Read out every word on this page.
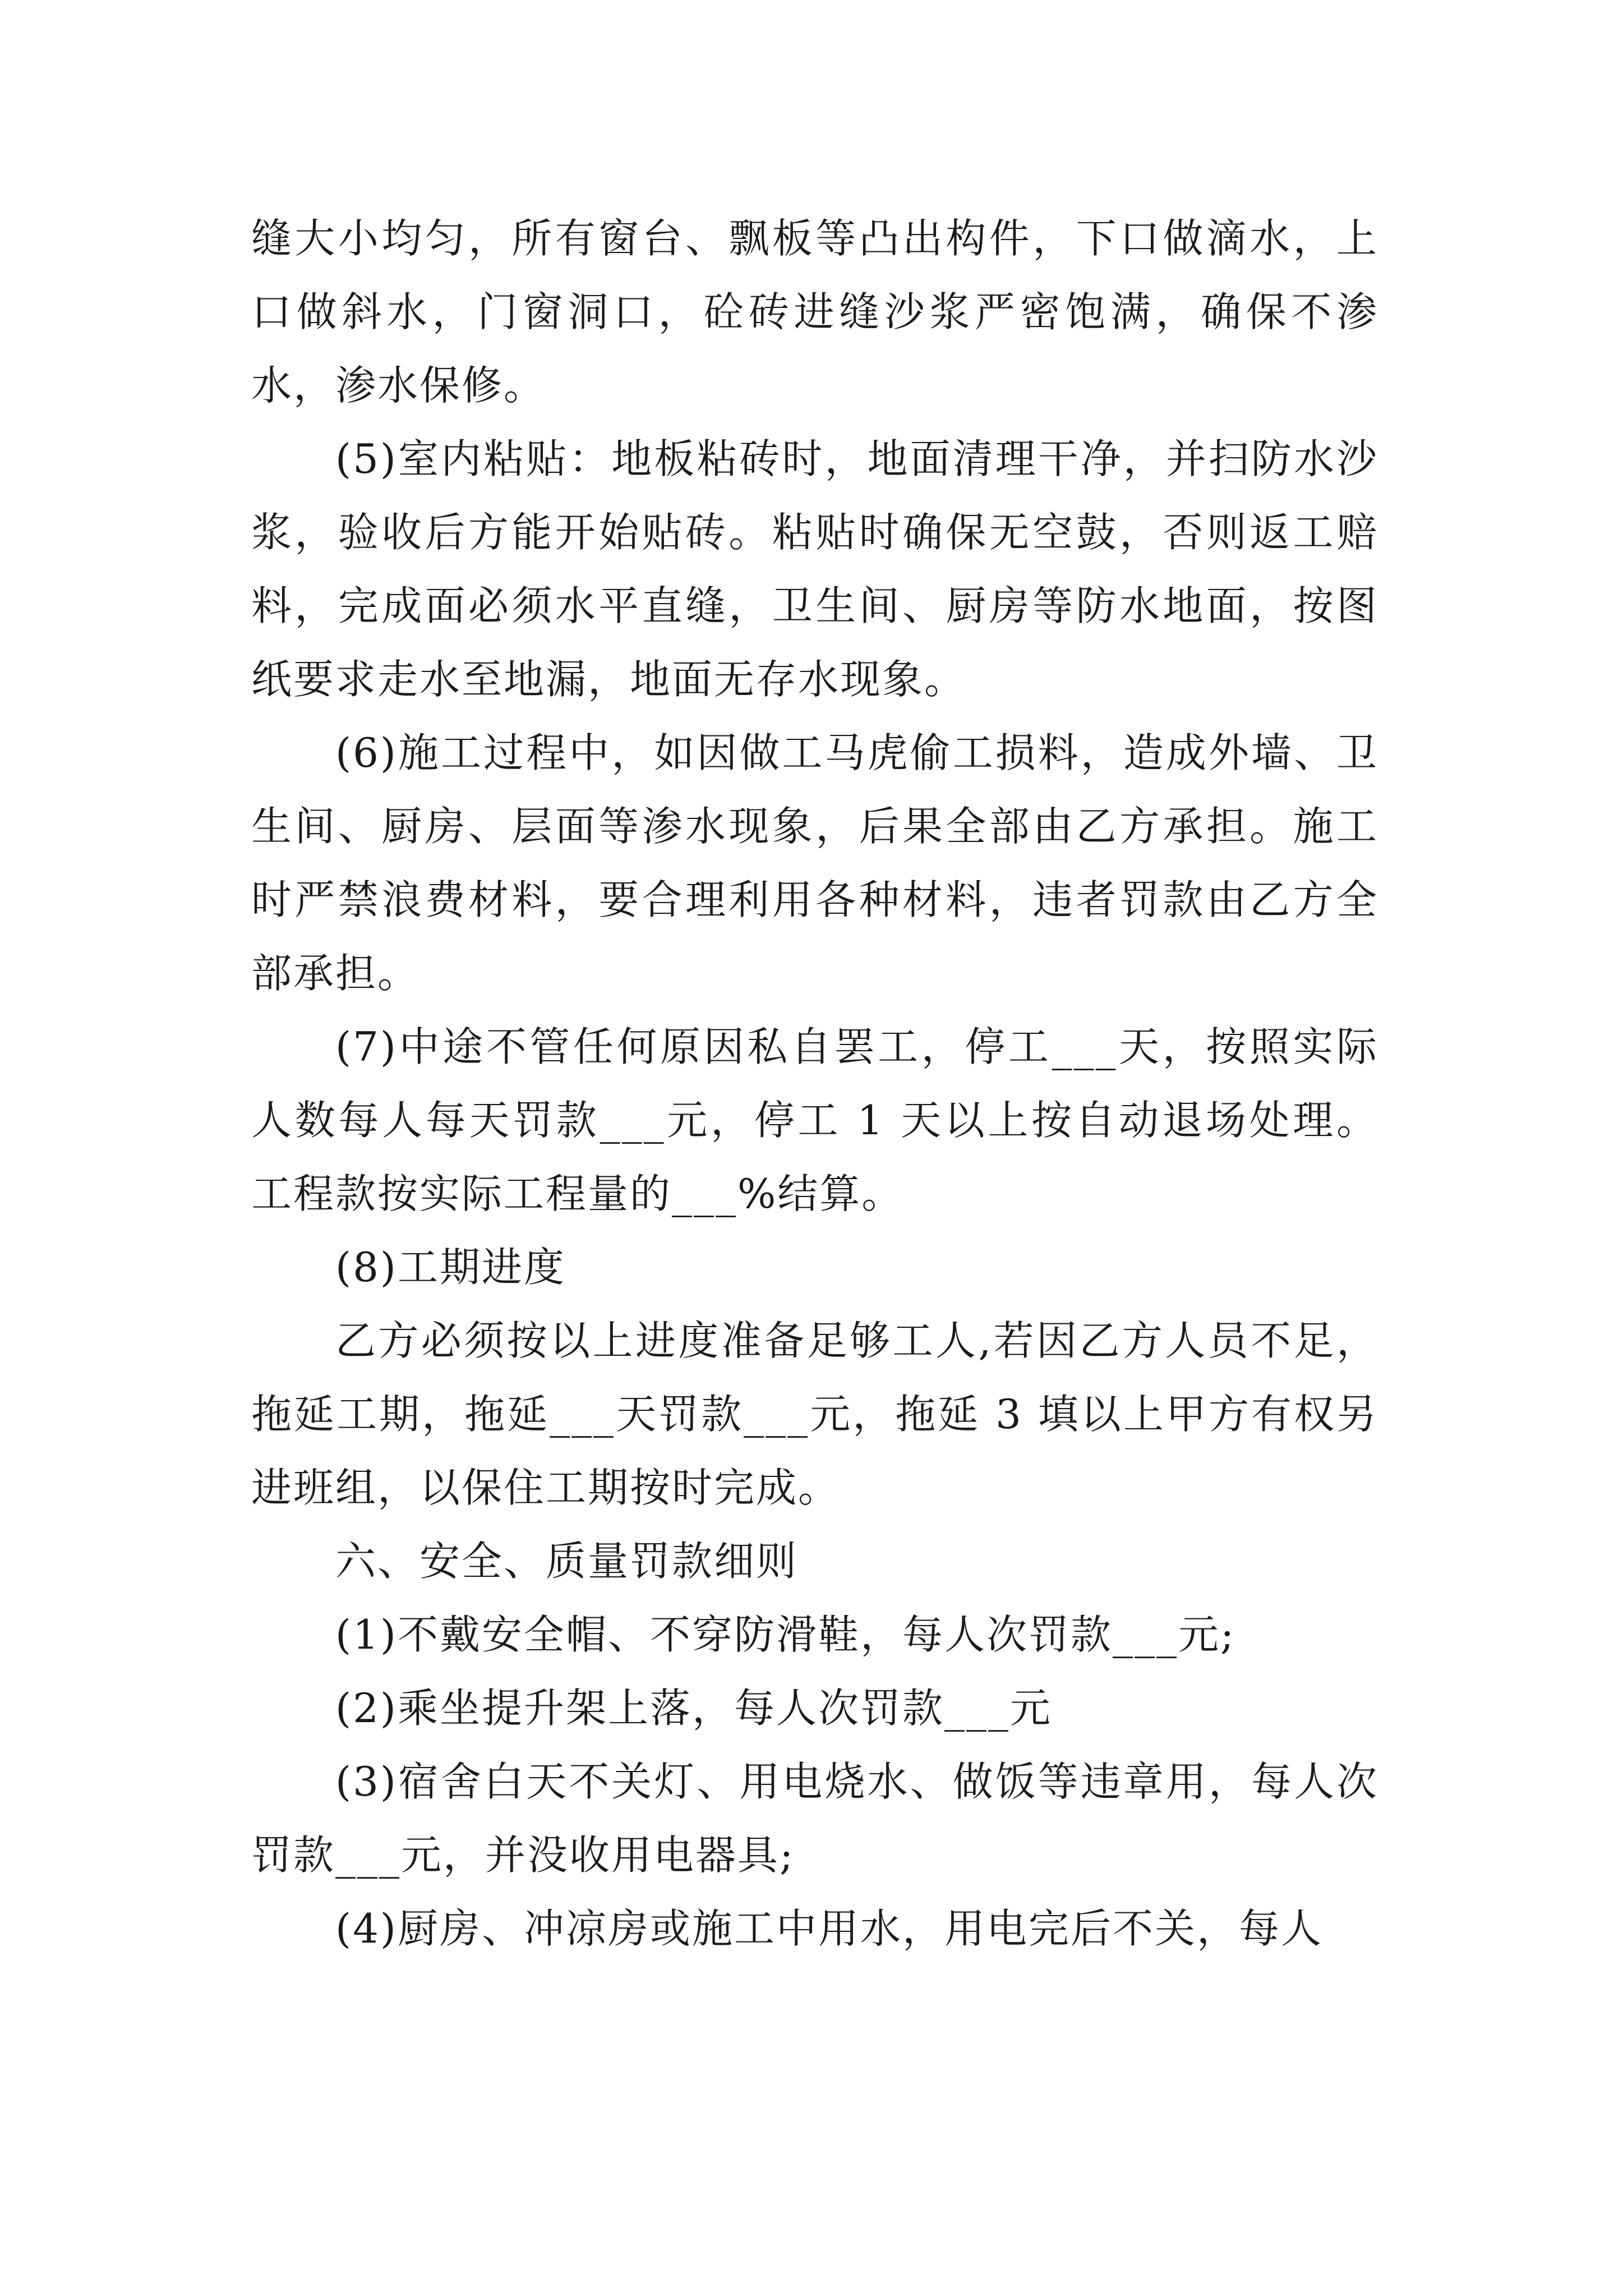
缝大小均匀，所有窗台、飘板等凸出构件，下口做滴水，上口做斜水，门窗洞口，砼砖进缝沙浆严密饱满，确保不渗水，渗水保修。

(5)室内粘贴：地板粘砖时，地面清理干净，并扫防水沙浆，验收后方能开始贴砖。粘贴时确保无空鼓，否则返工赔料，完成面必须水平直缝，卫生间、厨房等防水地面，按图纸要求走水至地漏，地面无存水现象。

(6)施工过程中，如因做工马虎偷工损料，造成外墙、卫生间、厨房、层面等渗水现象，后果全部由乙方承担。施工时严禁浪费材料，要合理利用各种材料，违者罚款由乙方全部承担。

(7)中途不管任何原因私自罢工，停工___天，按照实际人数每人每天罚款___元，停工 1 天以上按自动退场处理。工程款按实际工程量的___%结算。

(8)工期进度

乙方必须按以上进度准备足够工人,若因乙方人员不足，拖延工期，拖延___天罚款___元，拖延 3 填以上甲方有权另进班组，以保住工期按时完成。

六、安全、质量罚款细则

(1)不戴安全帽、不穿防滑鞋，每人次罚款___元;

(2)乘坐提升架上落，每人次罚款___元

(3)宿舍白天不关灯、用电烧水、做饭等违章用，每人次罚款___元，并没收用电器具;

(4)厨房、冲凉房或施工中用水，用电完后不关，每人
